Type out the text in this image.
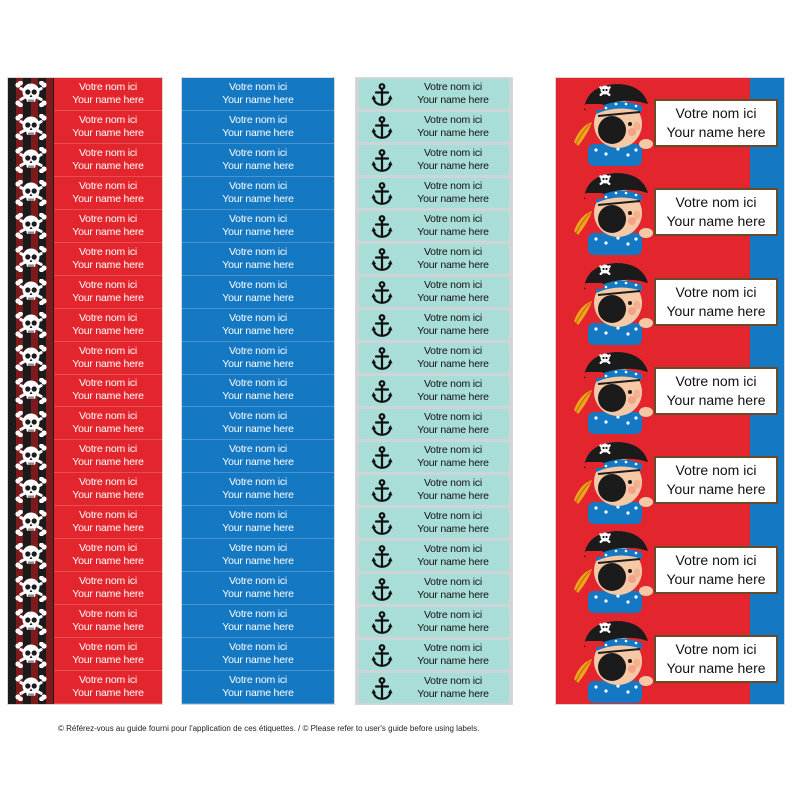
Votre nom ici
Your name here
Votre nom ici
Your name here
Votre nom ici
Your name here
Votre nom ici
Your name here
Votre nom ici
Your name here
Votre nom ici
Your name here
Votre nom ici
Your name here
Votre nom ici
Your name here
Votre nom ici
Your name here
Votre nom ici
Your name here
Votre nom ici
Your name here
Votre nom ici
Your name here
Votre nom ici
Your name here
Votre nom ici
Your name here
Votre nom ici
Your name here
Votre nom ici
Your name here
Votre nom ici
Your name here
Votre nom ici
Your name here
Votre nom ici
Your name here
Votre nom ici
Your name here
Votre nom ici
Your name here
Votre nom ici
Your name here
Votre nom ici
Your name here
Votre nom ici
Your name here
Votre nom ici
Your name here
Votre nom ici
Your name here
Votre nom ici
Your name here
Votre nom ici
Your name here
Votre nom ici
Your name here
Votre nom ici
Your name here
Votre nom ici
Your name here
Votre nom ici
Your name here
Votre nom ici
Your name here
Votre nom ici
Your name here
Votre nom ici
Your name here
Votre nom ici
Your name here
Votre nom ici
Your name here
Votre nom ici
Your name here
Votre nom ici
Your name here
Votre nom ici
Your name here
Votre nom ici
Your name here
Votre nom ici
Your name here
Votre nom ici
Your name here
Votre nom ici
Your name here
Votre nom ici
Your name here
Votre nom ici
Your name here
Votre nom ici
Your name here
Votre nom ici
Your name here
Votre nom ici
Your name here
Votre nom ici
Your name here
Votre nom ici
Your name here
Votre nom ici
Your name here
Votre nom ici
Your name here
Votre nom ici
Your name here
Votre nom ici
Your name here
Votre nom ici
Your name here
Votre nom ici
Your name here
Votre nom ici
Your name here
Votre nom ici
Your name here
Votre nom ici
Your name here
Votre nom ici
Your name here
Votre nom ici
Your name here
Votre nom ici
Your name here
Votre nom ici
Your name here
© Référez-vous au guide fourni pour l'application de ces étiquettes. / © Please refer to user's guide before using labels.
